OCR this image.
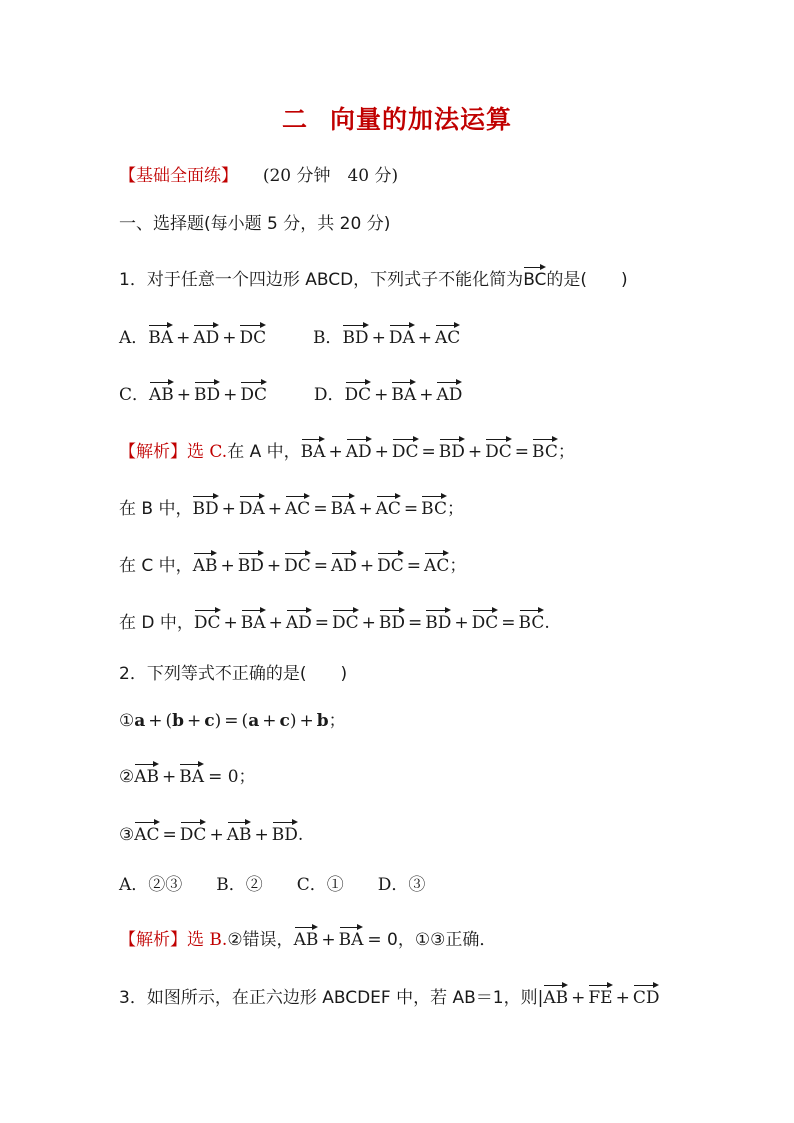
二 向量的加法运算
【基础全面练】 (20 分钟　40 分)
一、选择题(每小题 5 分，共 20 分)
1．对于任意一个四边形 ABCD，下列式子不能化简为BC的是(　　)
A．BA + AD + DC	B．BD + DA + AC
C．AB + BD + DC	D．DC + BA + AD
【解析】选 C.在 A 中，BA + AD + DC = BD + DC = BC；
在 B 中，BD + DA + AC = BA + AC = BC；
在 C 中，AB + BD + DC = AD + DC = AC；
在 D 中，DC + BA + AD = DC + BD = BD + DC = BC.
2．下列等式不正确的是(　　)
①a + (b + c) = (a + c) + b；
②AB + BA = 0；
③AC = DC + AB + BD.
A．②③ B．② C．① D．③
【解析】选 B.②错误，AB + BA = 0，①③正确．
3．如图所示，在正六边形 ABCDEF 中，若 AB＝1，则|AB + FE + CD
